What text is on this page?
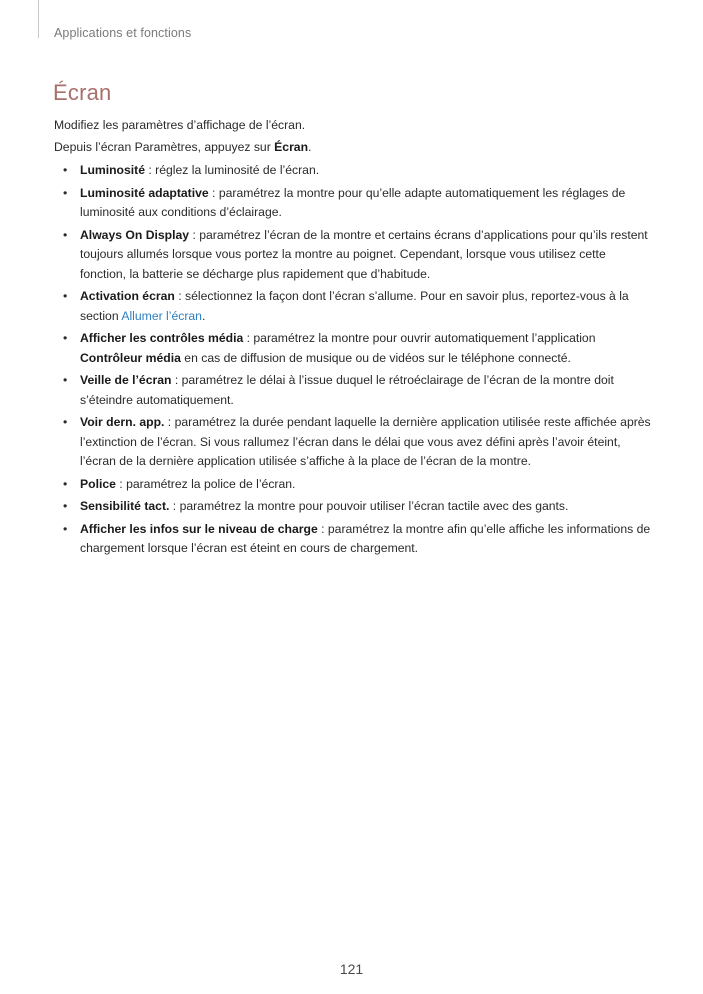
Applications et fonctions
Écran

Modifiez les paramètres d’affichage de l’écran.

Depuis l’écran Paramètres, appuyez sur Écran.

• Luminosité : réglez la luminosité de l’écran.
• Luminosité adaptative : paramétrez la montre pour qu’elle adapte automatiquement les réglages de luminosité aux conditions d’éclairage.
• Always On Display : paramétrez l’écran de la montre et certains écrans d’applications pour qu’ils restent toujours allumés lorsque vous portez la montre au poignet. Cependant, lorsque vous utilisez cette fonction, la batterie se décharge plus rapidement que d’habitude.
• Activation écran : sélectionnez la façon dont l’écran s’allume. Pour en savoir plus, reportez-vous à la section Allumer l’écran.
• Afficher les contrôles média : paramétrez la montre pour ouvrir automatiquement l’application Contrôleur média en cas de diffusion de musique ou de vidéos sur le téléphone connecté.
• Veille de l’écran : paramétrez le délai à l’issue duquel le rétroéclairage de l’écran de la montre doit s’éteindre automatiquement.
• Voir dern. app. : paramétrez la durée pendant laquelle la dernière application utilisée reste affichée après l’extinction de l’écran. Si vous rallumez l’écran dans le délai que vous avez défini après l’avoir éteint, l’écran de la dernière application utilisée s’affiche à la place de l’écran de la montre.
• Police : paramétrez la police de l’écran.
• Sensibilité tact. : paramétrez la montre pour pouvoir utiliser l’écran tactile avec des gants.
• Afficher les infos sur le niveau de charge : paramétrez la montre afin qu’elle affiche les informations de chargement lorsque l’écran est éteint en cours de chargement.
121
